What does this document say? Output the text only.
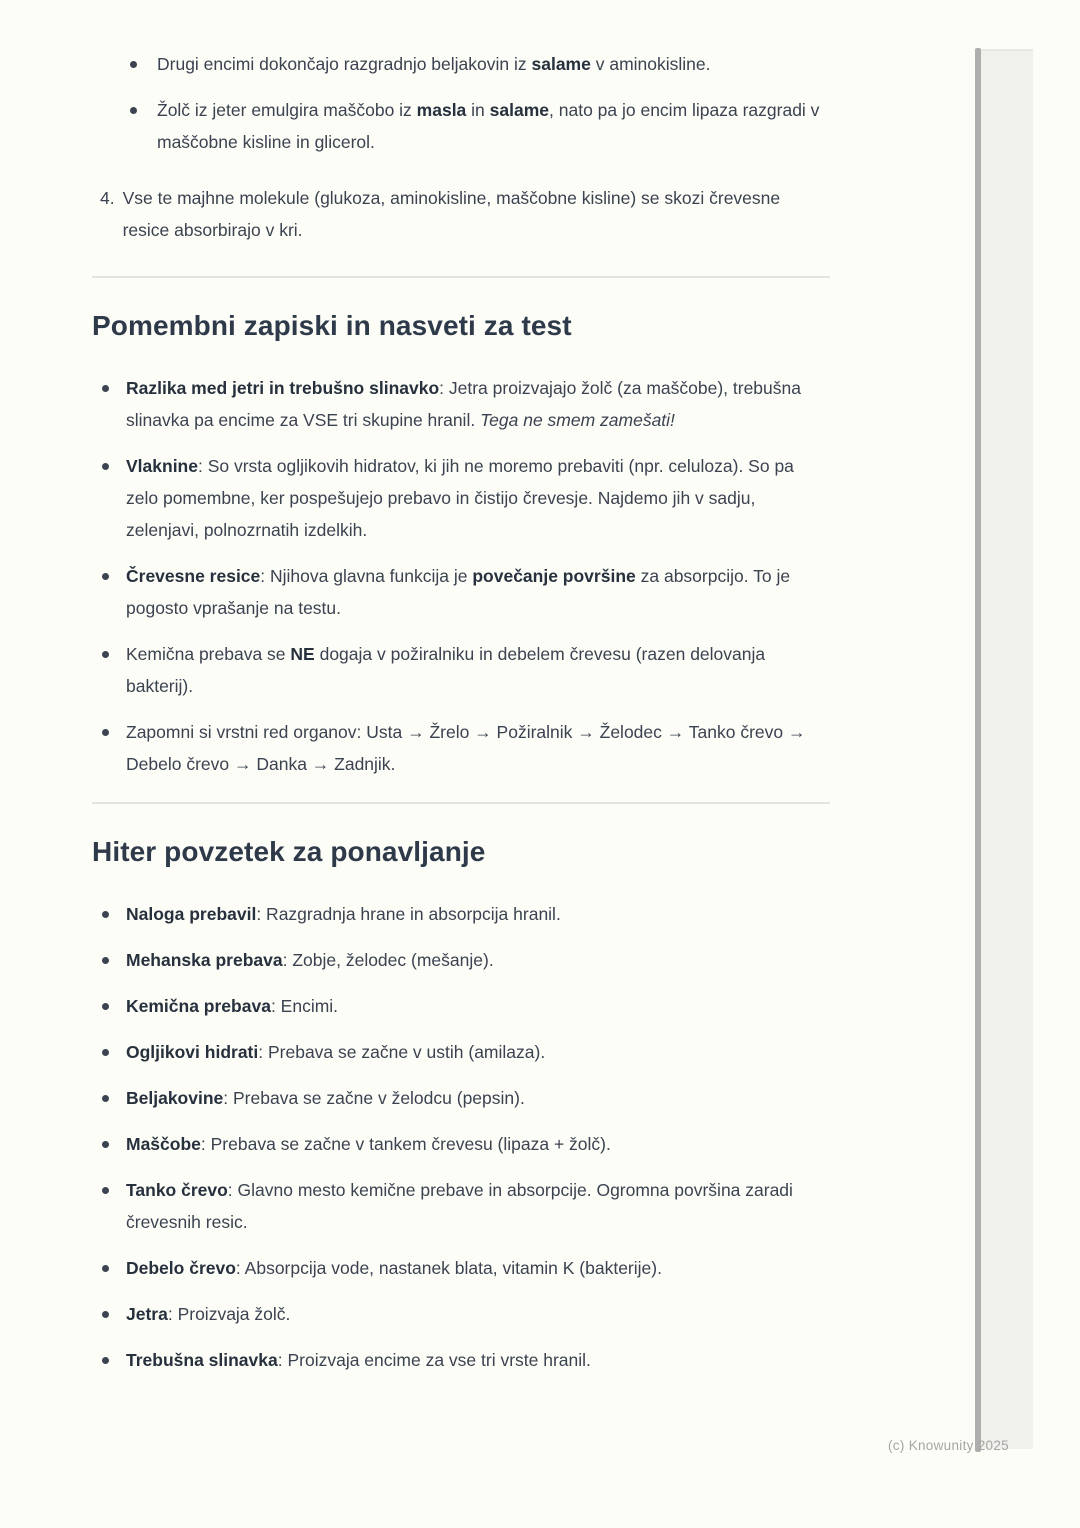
Drugi encimi dokončajo razgradnjo beljakovin iz salame v aminokisline.

Žolč iz jeter emulgira maščobo iz masla in salame, nato pa jo encim lipaza razgradi v maščobne kisline in glicerol.

4. Vse te majhne molekule (glukoza, aminokisline, maščobne kisline) se skozi črevesne resice absorbirajo v kri.

Pomembni zapiski in nasveti za test

Razlika med jetri in trebušno slinavko: Jetra proizvajajo žolč (za maščobe), trebušna slinavka pa encime za VSE tri skupine hranil. Tega ne smem zamešati!

Vlaknine: So vrsta ogljikovih hidratov, ki jih ne moremo prebaviti (npr. celuloza). So pa zelo pomembne, ker pospešujejo prebavo in čistijo črevesje. Najdemo jih v sadju, zelenjavi, polnozrnatih izdelkih.

Črevesne resice: Njihova glavna funkcija je povečanje površine za absorpcijo. To je pogosto vprašanje na testu.

Kemična prebava se NE dogaja v požiralniku in debelem črevesu (razen delovanja bakterij).

Zapomni si vrstni red organov: Usta → Žrelo → Požiralnik → Želodec → Tanko črevo → Debelo črevo → Danka → Zadnjik.

Hiter povzetek za ponavljanje

Naloga prebavil: Razgradnja hrane in absorpcija hranil.

Mehanska prebava: Zobje, želodec (mešanje).

Kemična prebava: Encimi.

Ogljikovi hidrati: Prebava se začne v ustih (amilaza).

Beljakovine: Prebava se začne v želodcu (pepsin).

Maščobe: Prebava se začne v tankem črevesu (lipaza + žolč).

Tanko črevo: Glavno mesto kemične prebave in absorpcije. Ogromna površina zaradi črevesnih resic.

Debelo črevo: Absorpcija vode, nastanek blata, vitamin K (bakterije).

Jetra: Proizvaja žolč.

Trebušna slinavka: Proizvaja encime za vse tri vrste hranil.

(c) Knowunity 2025
